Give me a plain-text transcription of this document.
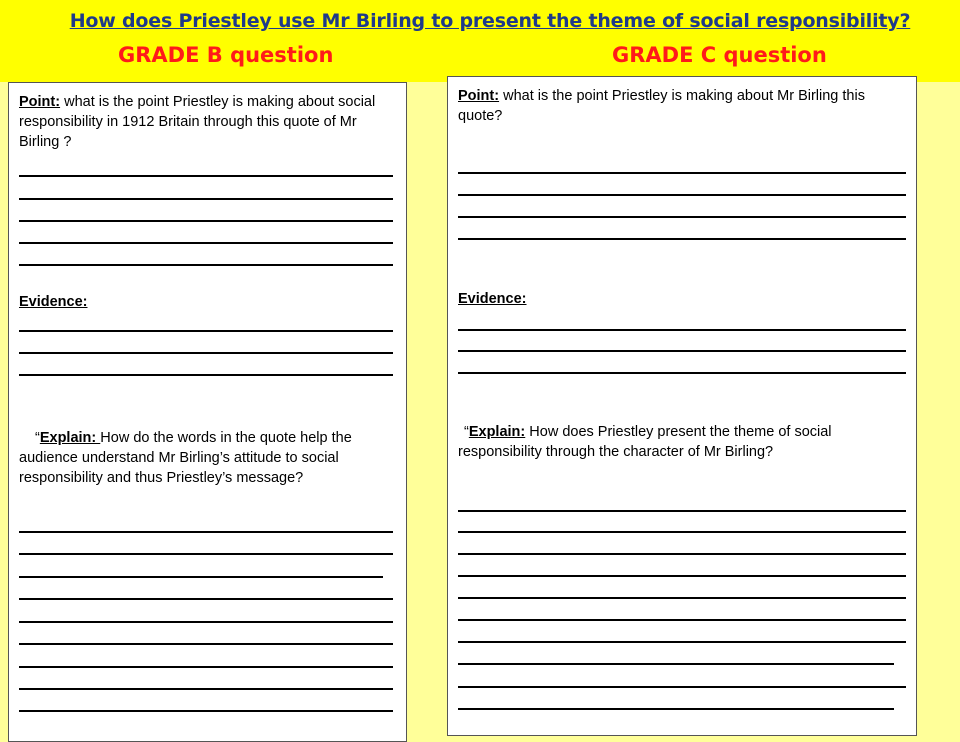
How does Priestley use Mr Birling to present the theme of social responsibility?
GRADE B question	GRADE C question
Point: what is the point Priestley is making about social responsibility in 1912 Britain through this quote of Mr Birling ?
Evidence:
“Explain: How do the words in the quote help the audience understand Mr Birling’s attitude to social responsibility and thus Priestley’s message?
Point: what is the point Priestley is making about Mr Birling this quote?
Evidence:
“Explain: How does Priestley present the theme of social responsibility through the character of Mr Birling?
